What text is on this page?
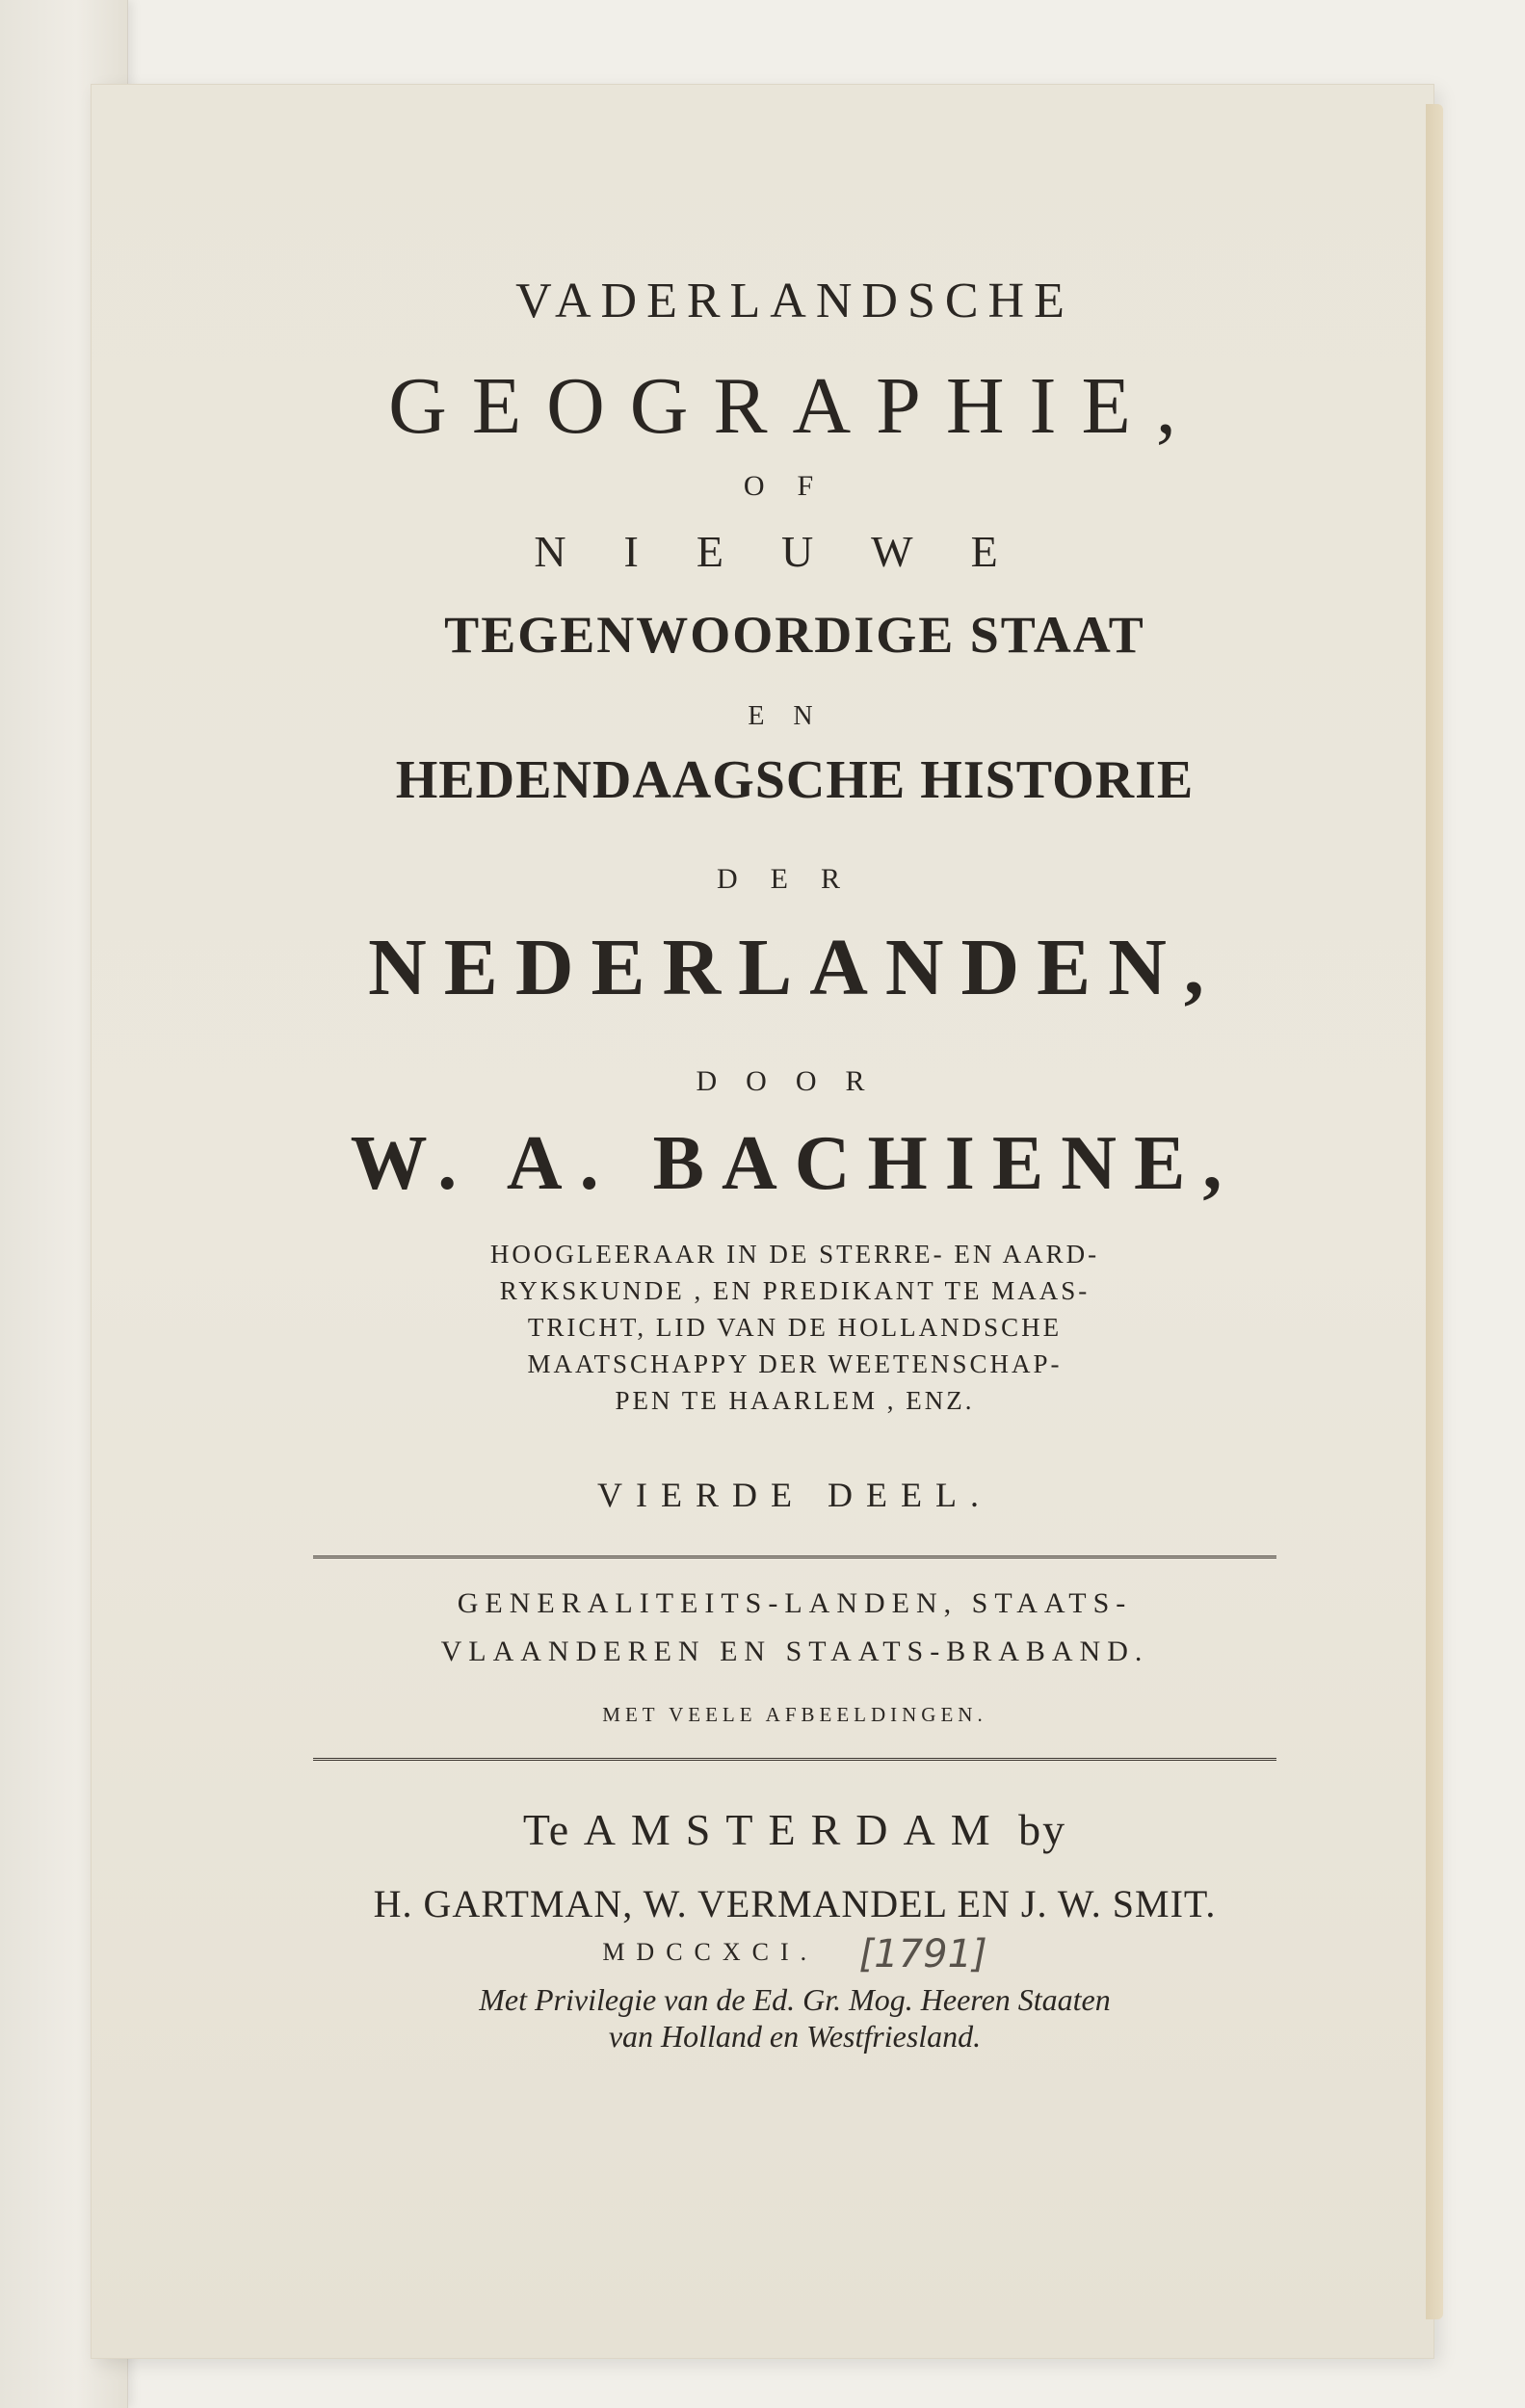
VADERLANDSCHE
GEOGRAPHIE,
OF
NIEUWE
TEGENWOORDIGE STAAT
EN
HEDENDAAGSCHE HISTORIE
DER
NEDERLANDEN,
DOOR
W. A. BACHIENE,
HOOGLEERAAR IN DE STERRE- EN AARD-
RYKSKUNDE , EN PREDIKANT TE MAAS-
TRICHT, LID VAN DE HOLLANDSCHE
MAATSCHAPPY DER WEETENSCHAP-
PEN TE HAARLEM , ENZ.
VIERDE DEEL.
GENERALITEITS-LANDEN, STAATS-
VLAANDEREN EN STAATS-BRABAND.
MET VEELE AFBEELDINGEN.
Te AMSTERDAM by
H. GARTMAN, W. VERMANDEL EN J. W. SMIT.
MDCCXCI. [1791]
Met Privilegie van de Ed. Gr. Mog. Heeren Staaten
van Holland en Westfriesland.
